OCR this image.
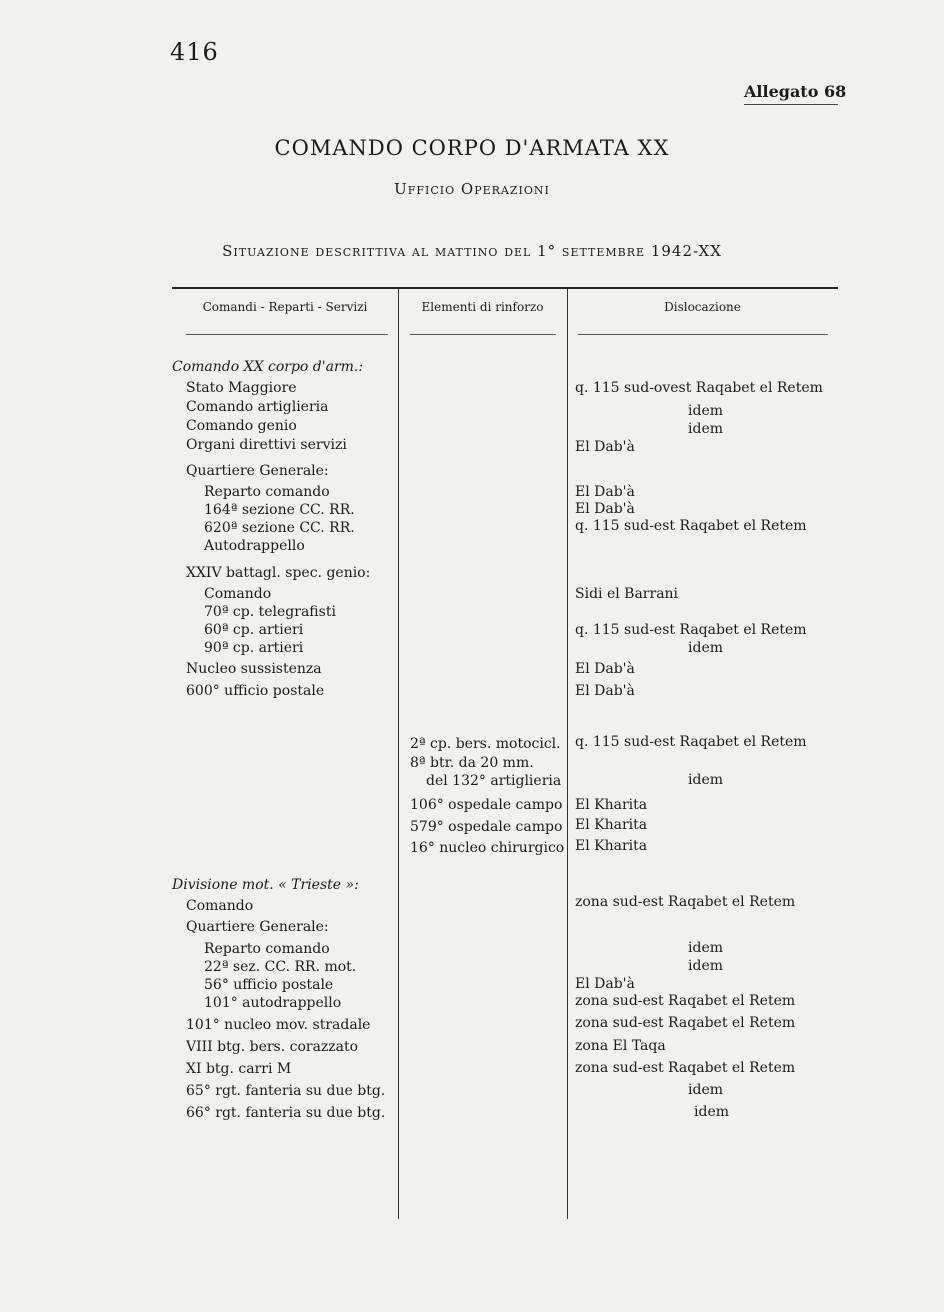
416
Allegato 68
COMANDO CORPO D'ARMATA XX
Ufficio Operazioni
Situazione descrittiva al mattino del 1° settembre 1942-XX
Comandi - Reparti - Servizi	Elementi di rinforzo	Dislocazione
Comando XX corpo d'arm.:
Stato Maggiore
Comando artiglieria
Comando genio
Organi direttivi servizi
Quartiere Generale:
Reparto comando
164ª sezione CC. RR.
620ª sezione CC. RR.
Autodrappello
XXIV battagl. spec. genio:
Comando
70ª cp. telegrafisti
60ª cp. artieri
90ª cp. artieri
Nucleo sussistenza
600° ufficio postale
2ª cp. bers. motocicl.
8ª btr. da 20 mm.
del 132° artiglieria
106° ospedale campo
579° ospedale campo
16° nucleo chirurgico
q. 115 sud-ovest Raqabet el Retem
idem
idem
El Dab'à
El Dab'à
El Dab'à
q. 115 sud-est Raqabet el Retem
Sidi el Barrani
q. 115 sud-est Raqabet el Retem
idem
El Dab'à
El Dab'à
q. 115 sud-est Raqabet el Retem
idem
El Kharita
El Kharita
El Kharita
Divisione mot. « Trieste »:
Comando
Quartiere Generale:
Reparto comando
22ª sez. CC. RR. mot.
56° ufficio postale
101° autodrappello
101° nucleo mov. stradale
VIII btg. bers. corazzato
XI btg. carri M
65° rgt. fanteria su due btg.
66° rgt. fanteria su due btg.
zona sud-est Raqabet el Retem
idem
idem
El Dab'à
zona sud-est Raqabet el Retem
zona sud-est Raqabet el Retem
zona El Taqa
zona sud-est Raqabet el Retem
idem
idem
